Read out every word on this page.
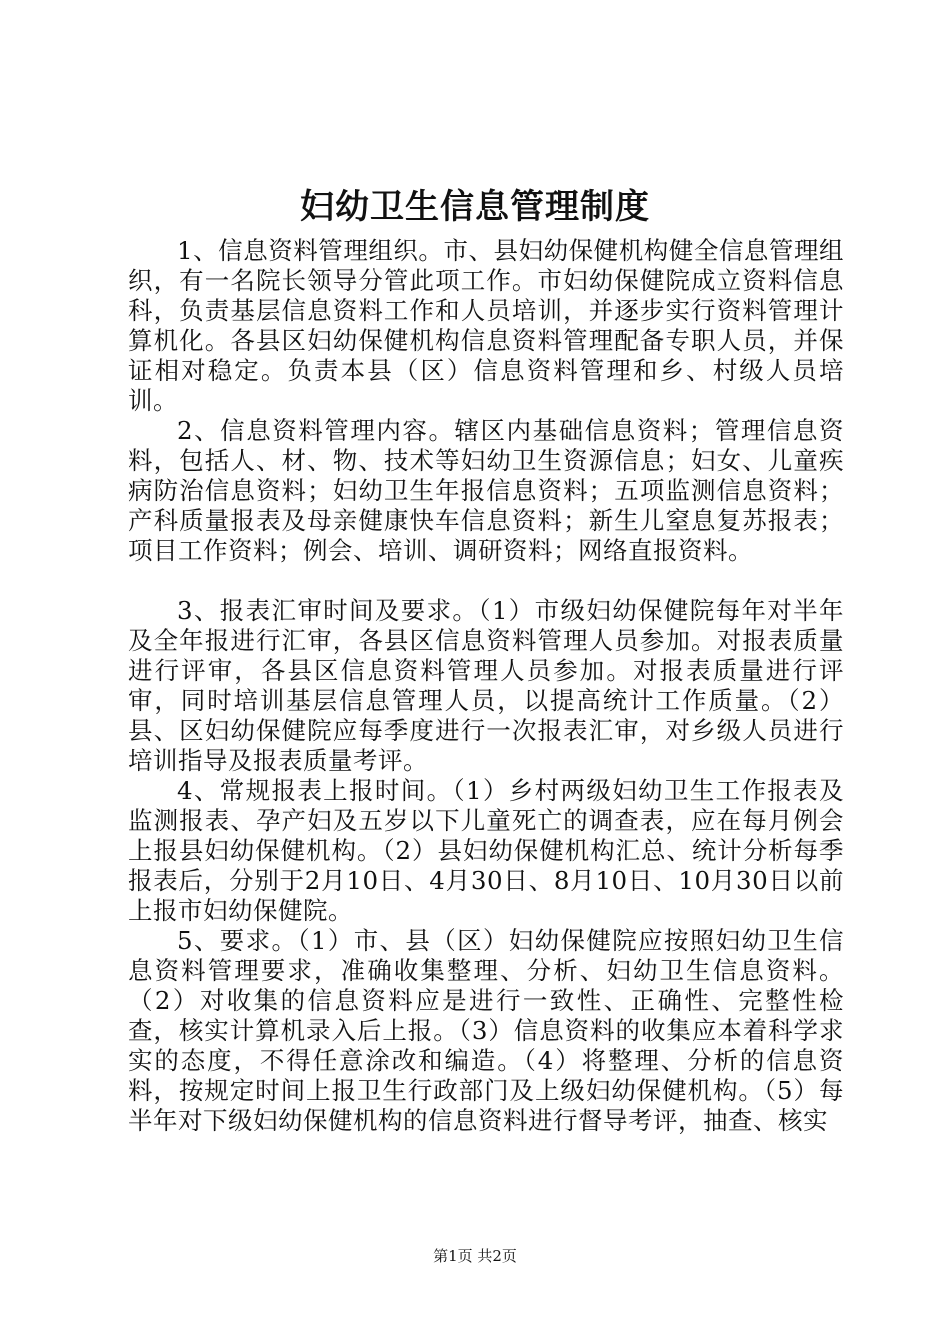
妇幼卫生信息管理制度

1、信息资料管理组织。市、县妇幼保健机构健全信息管理组织，有一名院长领导分管此项工作。市妇幼保健院成立资料信息科，负责基层信息资料工作和人员培训，并逐步实行资料管理计算机化。各县区妇幼保健机构信息资料管理配备专职人员，并保证相对稳定。负责本县（区）信息资料管理和乡、村级人员培训。

2、信息资料管理内容。辖区内基础信息资料；管理信息资料，包括人、材、物、技术等妇幼卫生资源信息；妇女、儿童疾病防治信息资料；妇幼卫生年报信息资料；五项监测信息资料；产科质量报表及母亲健康快车信息资料；新生儿窒息复苏报表；项目工作资料；例会、培训、调研资料；网络直报资料。

3、报表汇审时间及要求。（1）市级妇幼保健院每年对半年及全年报进行汇审，各县区信息资料管理人员参加。对报表质量进行评审，各县区信息资料管理人员参加。对报表质量进行评审，同时培训基层信息管理人员，以提高统计工作质量。（2）县、区妇幼保健院应每季度进行一次报表汇审，对乡级人员进行培训指导及报表质量考评。

4、常规报表上报时间。（1）乡村两级妇幼卫生工作报表及监测报表、孕产妇及五岁以下儿童死亡的调查表，应在每月例会上报县妇幼保健机构。（2）县妇幼保健机构汇总、统计分析每季报表后，分别于2月10日、4月30日、8月10日、10月30日以前上报市妇幼保健院。

5、要求。（1）市、县（区）妇幼保健院应按照妇幼卫生信息资料管理要求，准确收集整理、分析、妇幼卫生信息资料。（2）对收集的信息资料应是进行一致性、正确性、完整性检查，核实计算机录入后上报。（3）信息资料的收集应本着科学求实的态度，不得任意涂改和编造。（4）将整理、分析的信息资料，按规定时间上报卫生行政部门及上级妇幼保健机构。（5）每半年对下级妇幼保健机构的信息资料进行督导考评，抽查、核实

第1页 共2页
